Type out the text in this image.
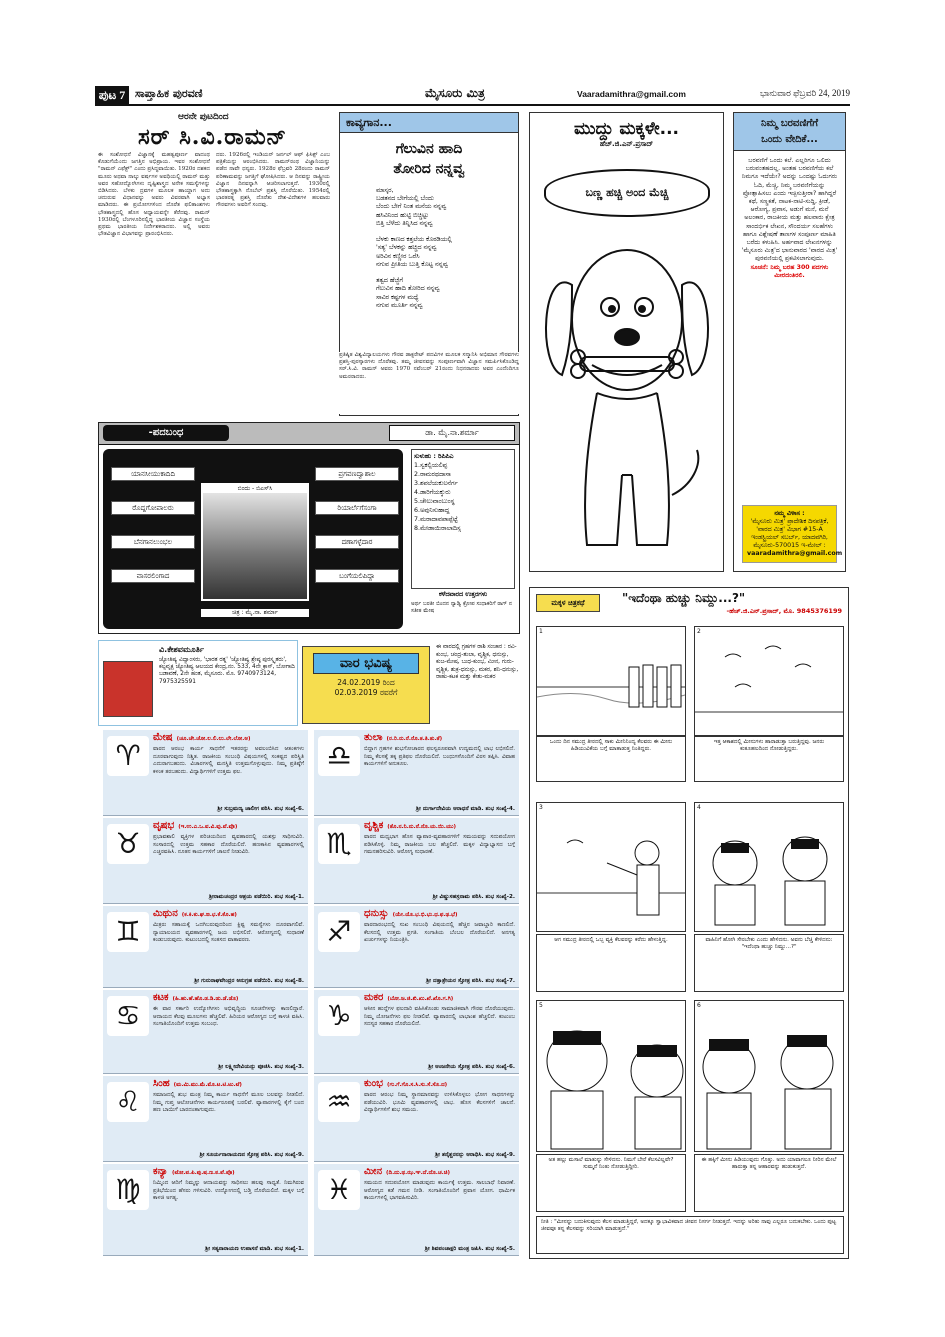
ಪುಟ 7 ಸಾಪ್ತಾಹಿಕ ಪುರವಣಿ	ಮೈಸೂರು ಮಿತ್ರ	Vaaradamithra@gmail.com	ಭಾನುವಾರ ಫೆಬ್ರವರಿ 24, 2019
ಆರನೇ ಪುಟದಿಂದ
ಸರ್ ಸಿ.ವಿ.ರಾಮನ್
ಈ ಸಂಶೋಧನೆ ವಿಜ್ಞಾನಕ್ಕೆ ಮಹತ್ವಪೂರ್ಣ ವಾದಂಥ ಕೊಡುಗೆಯೆಂದು ಜಗತ್ತಿನ ಅಭಿಪ್ರಾಯ. ಇವರ ಸಂಶೋಧನೆ "ರಾಮನ್ ಎಫೆಕ್ಟ್" ಎಂದು ಪ್ರಸಿದ್ಧವಾಯಿತು. 1920ರ ದಶಕದ ಮೂರು ಅಥವಾ ನಾಲ್ಕು ವರ್ಷಗಳ ಅವಧಿಯಲ್ಲಿ ರಾಮನ್ ಮತ್ತು ಅವರ ಸಹೋದ್ಯೋಗಿಗಳು ದೃಷ್ಟಿಶಾಸ್ತ್ರದ ಅನೇಕ ಸಮಸ್ಯೆಗಳನ್ನು ಬಿಡಿಸಿದರು. ಬೆಳಕು ದ್ರವಗಳ ಮೂಲಕ ಹಾಯ್ದಾಗ ಅದು ಚದುರುವ ವಿಧಾನವನ್ನು ಅವರು ವಿವರವಾಗಿ ಅಭ್ಯಾಸ ಮಾಡಿದರು. ಈ ಪ್ರಯೋಗಗಳಿಂದ ದೊರೆತ ಫಲಿತಾಂಶಗಳು ಭೌತಶಾಸ್ತ್ರದಲ್ಲಿ ಹೊಸ ಅಧ್ಯಾಯವನ್ನೇ ತೆರೆದವು. ರಾಮನ್ 1930ರಲ್ಲಿ ಬೆಂಗಳೂರಿನಲ್ಲಿದ್ದ ಭಾರತೀಯ ವಿಜ್ಞಾನ ಸಂಸ್ಥೆಯ ಪ್ರಥಮ ಭಾರತೀಯ ನಿರ್ದೇಶಕರಾದರು. ಅಲ್ಲಿ ಅವರು ಭೌತವಿಜ್ಞಾನ ವಿಭಾಗವನ್ನು ಪ್ರಾರಂಭಿಸಿದರು.
ದರು. 1926ರಲ್ಲಿ ಇಂಡಿಯನ್ ಜರ್ನಲ್ ಆಫ್ ಫಿಸಿಕ್ಸ್ ಎಂಬ ಪತ್ರಿಕೆಯನ್ನು ಆರಂಭಿಸಿದರು. ರಾಮನ್‌ರಂಥ ವಿಜ್ಞಾನಿಯನ್ನು ಪಡೆದ ನಾವೇ ಧನ್ಯರು. 1928ರ ಫೆಬ್ರವರಿ 28ರಂದು ರಾಮನ್ ಪರಿಣಾಮವನ್ನು ಜಗತ್ತಿಗೆ ಘೋಷಿಸಿದರು. ಆ ದಿನವನ್ನು ರಾಷ್ಟ್ರೀಯ ವಿಜ್ಞಾನ ದಿನವನ್ನಾಗಿ ಆಚರಿಸಲಾಗುತ್ತದೆ. 1930ರಲ್ಲಿ ಭೌತಶಾಸ್ತ್ರಕ್ಕಾಗಿ ನೊಬೆಲ್ ಪ್ರಶಸ್ತಿ ದೊರೆಯಿತು. 1954ರಲ್ಲಿ ಭಾರತರತ್ನ ಪ್ರಶಸ್ತಿ ದೊರೆತು ದೇಶ-ವಿದೇಶಗಳ ಹಲವಾರು ಗೌರವಗಳು ಅವರಿಗೆ ಸಂದವು.
ಕಾವ್ಯಗಾನ...
ಗೆಲುವಿನ ಹಾದಿ
ತೋರಿದ ನನ್ನವ್ವ
ಮಾಸ್ಕರ,
ಬಡತನದ ಬೇಗೆಯಲ್ಲಿ ಬೆಂದು
ಬೆಂದು ಬೇಗೆ ನಿಂತ ಮನೆಯ ನನ್ನವ್ವ
ಹಸಿವಿನಿಂದ ಹುಟ್ಟಿ ಬಿಚ್ಚಿಟ್ಟು
ಬಿತ್ತಿ ಬೆಳೆದು ತಿನ್ನಿಸಿದ ನನ್ನವ್ವ

ಬೆಳಕು ಕಾಣದ ಕತ್ತಲೆಯ ಕೊಠಡಿಯಲ್ಲಿ
'ಸತ್ಯ' ಬೆಳಕನ್ನು ಹಚ್ಚಿದ ನನ್ನವ್ವ
ಅರಿವಿನ ಕಣ್ಣೀರ ಒರೆಸಿ
ನಗುವ ಪ್ರೀತಿಯ ಬುತ್ತಿ ಕೊಟ್ಟ ನನ್ನವ್ವ

ತತ್ವದ ಹೆಜ್ಜೆಗೆ
ಗೆಲುವಿನ ಹಾದಿ ತೋರಿದ ನನ್ನವ್ವ
ಸಾವಿರ ಕಷ್ಟಗಳ ಮಧ್ಯೆ
ನಗುವ ಮೂರ್ತಿ ನನ್ನವ್ವ
ಪ್ರತಿಷ್ಠಿತ ವಿಶ್ವವಿದ್ಯಾಲಯಗಳು ಗೌರವ ಡಾಕ್ಟರೇಟ್ ಪದವಿಗಳ ಮೂಲಕ ಸನ್ಮಾನಿಸಿ ಅಭಿಮಾನ ಗೌರವಗಳು ಪ್ರಶಸ್ತಿ-ಪುರಸ್ಕಾರಗಳು ದೊರೆತವು. ತಮ್ಮ ಜೀವನವನ್ನು ಸಂಪೂರ್ಣವಾಗಿ ವಿಜ್ಞಾನ ಸಮರ್ಪಿಸಿಕೊಂಡಿದ್ದ ಸರ್.ಸಿ.ವಿ. ರಾಮನ್ ಅವರು 1970 ನವೆಂಬರ್ 21ರಂದು ನಿಧನರಾದರು ಅವರ ಎಂದೆಂದಿಗೂ ಅಮರರಾದರು.
ಮುದ್ದು ಮಕ್ಕಳೇ...
ಹೆಚ್.ಜಿ.ಎನ್.ಪ್ರಸಾದ್
ಬಣ್ಣ ಹಚ್ಚಿ ಅಂದ ಮೆಚ್ಚಿ
ನಿಮ್ಮ ಬರವಣಿಗೆಗೆ
ಒಂದು ವೇದಿಕೆ...
ಬರವಣಿಗೆ ಒಂದು ಕಲೆ. ಎಲ್ಲರಿಗೂ ಒಲಿದು ಬರುವಂತಹದಲ್ಲ. ಅಂತಹ ಬರವಣಿಗೆಯ ಕಲೆ ನಿಮಗೂ ಇದೆಯೇ? ಅದನ್ನು ಒಂದಷ್ಟು ಓದುಗರು ಓದಿ, ಮೆಚ್ಚಿ, ನಿಮ್ಮ ಬರವಣಿಗೆಯನ್ನು ಪ್ರೋತ್ಸಾಹಿಸಲು ಎಂದು ಇಚ್ಛಿಸುತ್ತೀರಾ? ಹಾಗಿದ್ದರೆ ಕಥೆ, ಸಣ್ಣಕತೆ, ನಾಟಕ-ನಾಟಿ-ಸುದ್ದಿ, ಕ್ರೀಡೆ, ಆರೋಗ್ಯ, ಪ್ರವಾಸ, ಅಡುಗೆ ಮನೆ, ಮನೆ ಅಲಂಕಾರ, ರಾಜಕೀಯ ಮತ್ತು ಹಲವಾರು ಕ್ಷೇತ್ರ ಸಾಂದರ್ಭಿಕ ಲೇಖನ, ಸೌಂದರ್ಯ ಸಲಹೆಗಳು ಹಾಗೂ ವಿಶ್ಲೇಷಣೆ ತಾಣಗಳ ಸಂಪೂರ್ಣ ಮಾಹಿತಿ ಬರೆದು ಕಳುಹಿಸಿ. ಅರ್ಹವಾದ ಲೇಖನಗಳನ್ನು 'ಮೈಸೂರು ಮಿತ್ರ'ದ ಭಾನುವಾರದ 'ವಾರದ ಮಿತ್ರ' ಪುರವಣಿಯಲ್ಲಿ ಪ್ರಕಟಿಸಲಾಗುವುದು.
ಸೂಚನೆ: ನಿಮ್ಮ ಬರಹ 300 ಪದಗಳು ಮೀರದಂತಿರಲಿ.
ನಮ್ಮ ವಿಳಾಸ :
'ಮೈಸೂರು ಮಿತ್ರ' ಪ್ರಾದೇಶಿಕ ದಿನಪತ್ರಿಕೆ, 'ವಾರದ ಮಿತ್ರ' ವಿಭಾಗ #15-A ಇಂಡಸ್ಟ್ರಿಯಲ್ ಸಬರ್ಬ್, ಯಾದವಗಿರಿ, ಮೈಸೂರು-570015 ಇ-ಮೇಲ್ :
vaaradamithra@gmail.com
-ಪದಬಂಧ	ಡಾ. ಮೈ.ನಾ.ಶರ್ಮಾ
ಯಾನಸೀಯುಕಾದಿದಿ
ರೊದ್ದಗೋಪಾಲರು
ಬೆನಗಾನಲುಂಭಲ
ವಾಸರಲಿಂಗಾದ
ಪ್ರಗವಣದ್ವಾಶಾಲ
ರಿಯಾರ್ಲೆಗೆಸಂಗಾ
ದಣಾಗಳ್ಳೆದಾರ
ಬಂಗೆಯಲಿಪಿದ್ದಾ
ಬಿಂದು - ಬಿಎಸ್‌ಸಿ
ಚಿತ್ರ : ಮೈ.ನಾ. ಶರ್ಮಾ
ಸುಳುಹು : ರಿಪಿಪಿಎ
1.ಸ್ವಕಲ್ಪಿಯಲಿಪ್ಪ
2.ರಾಮರಥದಾಸಾ
3.ಶಪಲೆಯಕುಲನೆರ್ಗ
4.ಡಾರಿಗೆಯಕ್ಕುರು
5.ಚೇಲುವಾಂಬುಂಸ್ಥ
6.ಅವುನಿಸುಹಾದ್ದ
7.ಮರಾದಾವಪಾಪ್ಪೆಟ್ಟೆ
8.ಮೇಡಾಯಿರಾಲಾದಿಸ್ಸ
ಕಳೆದವಾರದ ಉತ್ತರಗಳು
ಅರ್ಥ ಬರತೀ ಬಿಂದನ ನ್ಯಾಡ್ವಿ ಕ್ರೋಪ ಸುಧಾಕರಿಗೆ ರಾಗ್ ನ ಸತೀತ ಮೇಷ
ವಿ.ಕೇಶವಮೂರ್ತಿ
ಜ್ಯೋತಿಷ್ಯ ವಿದ್ವಾಂಸರು, 'ಭಾರತ ರತ್ನ' 'ಜ್ಯೋತಿಷ್ಯ ಶ್ರೇಷ್ಠ ಪುರಸ್ಕೃತರು', ಕಲ್ಪವೃಕ್ಷ ಜ್ಯೋತಿಷ್ಯ ಆಲಯದ ಕೇಂದ್ರ,ನಂ. 533, 4ನೇ ಕ್ರಾಸ್, ಬೋಗಾದಿ ಬಡಾವಣೆ, 2ನೇ ಹಂತ, ಮೈಸೂರು. ಮೊ. 9740973124, 7975325591
ವಾರ ಭವಿಷ್ಯ
24.02.2019 ರಿಂದ
02.03.2019 ರವರೆಗೆ
ಈ ವಾರದಲ್ಲಿ ಗ್ರಹಗಳ ರಾಶಿ ಸಂಚಾರ : ರವಿ-ಕುಂಭ, ಚಂದ್ರ-ತುಲಾ, ವೃಶ್ಚಿಕ, ಧನುಸ್ಸು, ಕುಜ-ಮೇಷ, ಬುಧ-ಕುಂಭ, ಮೀನ, ಗುರು-ವೃಶ್ಚಿಕ, ಶುಕ್ರ-ಧನುಸ್ಸು, ಮಕರ, ಶನಿ-ಧನುಸ್ಸು, ರಾಹು-ಕಟಕ ಮತ್ತು ಕೇತು-ಮಕರ
♈
ಮೇಷ (ಚೂ.ಚೇ.ಚೋ.ಲ.ಲಿ.ಲು.ಲೇ.ಲೋ.ಅ)
ವಾರದ ಆರಂಭ ಕಾರ್ಯ ಸಾಧನೆಗೆ ಇತರರನ್ನು ಅವಲಂಬಿಸಿದ ಆತಂಕಗಳು ದೂರವಾಗುವುದು ನಿಶ್ಚಿತ. ರಾಜಕೀಯ ಸಂಬಂಧಿ ವಿಷಯಗಳಲ್ಲಿ ಸಂಕಷ್ಟದ ಪರಿಸ್ಥಿತಿ ಎದುರಾಗಬಹುದು. ವಿಚಾರಗಳಲ್ಲಿ ಮನಸ್ಥಿತಿ ಉತ್ತಮಗೊಳ್ಳುವುದು. ನಿಮ್ಮ ಪ್ರತಿಷ್ಠೆಗೆ ಕಳಂಕ ತರಬಹುದು. ವಿದ್ಯಾರ್ಥಿಗಳಿಗೆ ಉತ್ತಮ ಫಲ.
ಶ್ರೀ ಸುಬ್ರಮಣ್ಯ ಜಾಲೀಗ ಪಠಿಸಿ. ಶುಭ ಸಂಖ್ಯೆ-6.
♉
ವೃಷಭ (ಇ.ಉ.ಎ.ಒ.ವ.ವಿ.ವು.ವೆ.ವೊ)
ಪ್ರಭಾವಶಾಲಿ ವ್ಯಕ್ತಿಗಳ ಪರಿಚಯದಿಂದ ವ್ಯವಹಾರದಲ್ಲಿ ಯಶಸ್ಸು ಸಾಧಿಸುವಿರಿ. ಸಂಸಾರದಲ್ಲಿ ಉತ್ತಮ ಸಹಕಾರ ದೊರೆಯಲಿದೆ. ಹಣಕಾಸಿನ ವ್ಯವಹಾರಗಳಲ್ಲಿ ಎಚ್ಚರವಹಿಸಿ. ನೂತನ ಕಾರ್ಯಗಳಿಗೆ ಚಾಲನೆ ನೀಡುವಿರಿ.
ಶ್ರೀರಾಮಚಂದ್ರರ ಆಶ್ರಯ ಪಡೆಯಿರಿ. ಶುಭ ಸಂಖ್ಯೆ-1.
♊
ಮಿಥುನ (ಕ.ಕಿ.ಕು.ಘ.ಙ.ಛ.ಕೆ.ಕೊ.ಹ)
ಮಿತ್ರರು ಸಹಾಯಕ್ಕೆ ಒದಗಿಬರುವುದರಿಂದ ಕ್ಲಿಷ್ಟ ಸಮಸ್ಯೆಗಳು ದೂರವಾಗಲಿವೆ. ನ್ಯಾಯಾಲಯದ ವ್ಯವಹಾರಗಳಲ್ಲಿ ಜಯ ಲಭಿಸಲಿದೆ. ಆರೋಗ್ಯದಲ್ಲಿ ಸುಧಾರಣೆ ಕಂಡುಬರುವುದು. ಕುಟುಂಬದಲ್ಲಿ ಸಂತಸದ ವಾತಾವರಣ.
ಶ್ರೀ ಗುರುರಾಘವೇಂದ್ರರ ಅನುಗ್ರಹ ಪಡೆಯಿರಿ. ಶುಭ ಸಂಖ್ಯೆ-8.
♋
ಕಟಕ (ಹಿ.ಹು.ಹೆ.ಹೊ.ಡ.ಡಿ.ಡು.ಡೆ.ಡೊ)
ಈ ವಾರ ಸರ್ಕಾರಿ ಉದ್ಯೋಗಿಗಳು ಅಭಿವೃದ್ಧಿಯ ಸೂಚನೆಗಳನ್ನು ಕಾಣಲಿದ್ದಾರೆ. ಆದಾಯದ ಕೆಲವು ಮೂಲಗಳು ಹೆಚ್ಚಲಿವೆ. ಹಿರಿಯರ ಆರೋಗ್ಯದ ಬಗ್ಗೆ ಕಾಳಜಿ ವಹಿಸಿ. ಸಂಗಾತಿಯೊಂದಿಗೆ ಉತ್ತಮ ಸಂಬಂಧ.
ಶ್ರೀ ಲಕ್ಷ್ಮೀದೇವಿಯನ್ನು ಪೂಜಿಸಿ. ಶುಭ ಸಂಖ್ಯೆ-3.
♌
ಸಿಂಹ (ಮ.ಮಿ.ಮು.ಮೆ.ಮೊ.ಟ.ಟಿ.ಟು.ಟೆ)
ಸಮಾಜದಲ್ಲಿ ಶುಭ ಮಂತ್ರ ನಿಮ್ಮ ಕಾರ್ಯ ಸಾಧನೆಗೆ ಮೂಲ ಬಲವನ್ನು ನೀಡಲಿದೆ. ನಿಮ್ಮ ಗುಪ್ತ ಆಲೋಚನೆಗಳು ಕಾರ್ಯರೂಪಕ್ಕೆ ಬರಲಿವೆ. ವ್ಯಾಪಾರಗಳಲ್ಲಿ ಕೈಗೆ ಬಂದ ಹಣ ಬಾಯಿಗೆ ಬಾರದಂತಾಗುವುದು.
ಶ್ರೀ ಸೂರ್ಯನಾರಾಯಣನ ಸ್ತೋತ್ರ ಪಠಿಸಿ. ಶುಭ ಸಂಖ್ಯೆ-9.
♍
ಕನ್ಯಾ (ಟೋ.ಪ.ಪಿ.ಪು.ಷ.ಣ.ಠ.ಪೆ.ಪೊ)
ನಿಮ್ಮಿಂದ ಆದಿಗೆ ನಿಮ್ಮನ್ನು ಆದಾಯವನ್ನು ಸಾಧಿಸಲು ಹಲವು ಸಾಧ್ಯತೆ. ನಿಮಗಿರುವ ಪ್ರತಿಭೆಯಿಂದ ಹೆಸರು ಗಳಿಸುವಿರಿ. ಉದ್ಯೋಗದಲ್ಲಿ ಬಡ್ತಿ ದೊರೆಯಲಿದೆ. ಮಕ್ಕಳ ಬಗ್ಗೆ ಕಾಳಜಿ ಅಗತ್ಯ.
ಶ್ರೀ ಸತ್ಯನಾರಾಯಣ ಉಪಾಸನೆ ಮಾಡಿ. ಶುಭ ಸಂಖ್ಯೆ-1.
♎
ತುಲಾ (ರ.ರಿ.ರು.ರೆ.ರೊ.ತ.ತಿ.ತು.ತೆ)
ಬಿದ್ದಾಗ ಗ್ರಹಗಳ ಶುಭಗೋಚಾರದ ಫಲಸ್ವರೂಪವಾಗಿ ಉದ್ಯಮದಲ್ಲಿ ಲಾಭ ಲಭಿಸಲಿದೆ. ನಿಮ್ಮ ಕೆಲಸಕ್ಕೆ ತಕ್ಕ ಪ್ರತಿಫಲ ದೊರೆಯಲಿದೆ. ಬಂಧುಗಳೊಂದಿಗೆ ವಿರಸ ತಪ್ಪಿಸಿ. ವಿವಾಹ ಕಾರ್ಯಗಳಿಗೆ ಅನುಕೂಲ.
ಶ್ರೀ ದುರ್ಗಾದೇವಿಯ ಆರಾಧನೆ ಮಾಡಿ. ಶುಭ ಸಂಖ್ಯೆ-4.
♏
ವೃಶ್ಚಿಕ (ತೊ.ನ.ನಿ.ನು.ನೆ.ನೊ.ಯ.ಯಿ.ಯು)
ವಾರದ ಮಧ್ಯಭಾಗ ಹೊಸ ವ್ಯಾಪಾರ-ವ್ಯವಹಾರಗಳಿಗೆ ಸಮಯವನ್ನು ಸದುಪಯೋಗ ಪಡಿಸಿಕೊಳ್ಳಿ. ನಿಮ್ಮ ರಾಜಕೀಯ ಬಲ ಹೆಚ್ಚಲಿದೆ. ಮಕ್ಕಳ ವಿದ್ಯಾಭ್ಯಾಸದ ಬಗ್ಗೆ ಗಮನಹರಿಸುವಿರಿ. ಆರೋಗ್ಯ ಸುಧಾರಣೆ.
ಶ್ರೀ ವಿಷ್ಣುಸಹಸ್ರನಾಮ ಪಠಿಸಿ. ಶುಭ ಸಂಖ್ಯೆ-2.
♐
ಧನುಸ್ಸು (ಯೇ.ಯೊ.ಭ.ಭಿ.ಭು.ಧ.ಫ.ಢ.ಭೆ)
ವಾರದಾರಂಭದಲ್ಲಿ ಸುಖ ಸಂಬಂಧಿ ವಿಷಯದಲ್ಲಿ ಹೆಚ್ಚಿನ ಜವಾಬ್ದಾರಿ ಕಾಣಲಿದೆ. ಕೆಲಸದಲ್ಲಿ ಉತ್ತಮ ಪ್ರಗತಿ. ಸಂಗಾತಿಯ ಬೆಂಬಲ ದೊರೆಯಲಿದೆ. ಅನಗತ್ಯ ಖರ್ಚುಗಳನ್ನು ನಿಯಂತ್ರಿಸಿ.
ಶ್ರೀ ದತ್ತಾತ್ರೇಯರ ಸ್ತೋತ್ರ ಪಠಿಸಿ. ಶುಭ ಸಂಖ್ಯೆ-7.
♑
ಮಕರ (ಬೋ.ಜ.ಜಿ.ಖಿ.ಖು.ಖೆ.ಖೊ.ಗ.ಗಿ)
ಆಸೀನ ಹುದ್ದೆಗಳ ಫಲದಾರಿ ವಹಿಸಿಕೊಂಡು ಸಾಮಾಜಿಕವಾಗಿ ಗೌರವ ದೊರೆಯುವುದು. ನಿಮ್ಮ ಯೋಜನೆಗಳು ಫಲ ನೀಡಲಿವೆ. ವ್ಯಾಪಾರದಲ್ಲಿ ಲಾಭಾಂಶ ಹೆಚ್ಚಲಿದೆ. ಕುಟುಂಬ ಸದಸ್ಯರ ಸಹಕಾರ ದೊರೆಯಲಿದೆ.
ಶ್ರೀ ಆಂಜನೇಯ ಸ್ತೋತ್ರ ಪಠಿಸಿ. ಶುಭ ಸಂಖ್ಯೆ-6.
♒
ಕುಂಭ (ಗು.ಗೆ.ಗೊ.ಸ.ಸಿ.ಸು.ಸೆ.ಸೊ.ದ)
ವಾರದ ಆರಂಭ ನಿಮ್ಮ ಸ್ಥಾನಮಾನವನ್ನು ಉಳಿಸಿಕೊಳ್ಳಲು ಭೋಗ ಸಾಧನಗಳನ್ನು ಪಡೆಯುವಿರಿ. ಭೂಮಿ ವ್ಯವಹಾರಗಳಲ್ಲಿ ಲಾಭ. ಹೊಸ ಕೆಲಸಗಳಿಗೆ ಚಾಲನೆ. ವಿದ್ಯಾರ್ಥಿಗಳಿಗೆ ಶುಭ ಸಮಯ.
ಶ್ರೀ ಶನೈಶ್ಚರನನ್ನು ಆರಾಧಿಸಿ. ಶುಭ ಸಂಖ್ಯೆ-9.
♓
ಮೀನ (ದಿ.ದು.ಥ.ಝ.ಞ.ದೆ.ದೊ.ಚ.ಚಿ)
ಸಮಯದ ಸದುಪಯೋಗ ಮಾಡುವುದು ಕಾರ್ಯಕ್ಕೆ ಉತ್ತಮ. ಸಾಲಬಾಧೆ ನಿವಾರಣೆ. ಆರೋಗ್ಯದ ಕಡೆ ಗಮನ ನೀಡಿ. ಸಂಗಾತಿಯೊಂದಿಗೆ ಪ್ರವಾಸ ಯೋಗ. ಧಾರ್ಮಿಕ ಕಾರ್ಯಗಳಲ್ಲಿ ಭಾಗವಹಿಸುವಿರಿ.
ಶ್ರೀ ಶಿವಪಂಚಾಕ್ಷರಿ ಮಂತ್ರ ಜಪಿಸಿ. ಶುಭ ಸಂಖ್ಯೆ-5.
ಮಕ್ಕಳ ಚಿತ್ರಕಥೆ	"ಇದೆಂಥಾ ಹುಚ್ಚು ನಿಮ್ದು...?"
-ಹೆಚ್.ಜಿ.ಎನ್.ಪ್ರಸಾದ್, ಮೊ. 9845376199
1	2
ಒಂದು ದಿನ ಸಮುದ್ರ ತೀರದಲ್ಲಿ ಸಾಕು ಮೀನಿನಿಂದ್ಯ ಕೆಲವರು ಈ ಮೀನು ಹಿಡಿಯುವಿಕೆಯ ಬಗ್ಗೆ ಮಾತಾಡುತ್ತ ನಿಂತಿದ್ದರು.
ಇತ್ತ ಆಕಾಶದಲ್ಲಿ ಮೀನುಗಳು ಹಾರಾಡುತ್ತಾ ಬರುತ್ತಿದ್ದವು. ಜನರು ಕುತೂಹಲದಿಂದ ನೋಡುತ್ತಿದ್ದರು.
3	4
ಆಗ ಸಮುದ್ರ ತೀರದಲ್ಲಿ ಒಬ್ಬ ವ್ಯಕ್ತಿ ಕೆಲವರನ್ನು ಕರೆದು ಹೇಳುತ್ತಿದ್ದ.	ವಾಹಿನಿಗೆ ಹೋಗಿ ಸೇರಬೇಕು ಎಂದು ಹೇಳಿದನು. ಅವನು ಬೆಚ್ಚಿ ಕೇಳಿದನು: "ಇದೆಂಥಾ ಹುಚ್ಚು ನಿಮ್ದು...?"
5	6
ಅತ ಹಲ್ಲು ಮಸಾಲೆ ಮಾತುನ್ನು ಸೇಳಿದನು. ನಿಮಗೆ ಬೇರೆ ಕೆಲಸವಿಲ್ಲವೇ? ಸುಮ್ಮನೆ ನಿಂತು ನೋಡುತ್ತಿದ್ದೀರಿ.
ಈ ಹಕ್ಕಿಗೆ ಮೀನು ಹಿಡಿಯುವುದು ಗೊತ್ತು. ಅದು ಯಾವಾಗಲೂ ನೀರಿನ ಮೇಲೆ ಹಾರುತ್ತಾ ತನ್ನ ಆಹಾರವನ್ನು ಹುಡುಕುತ್ತದೆ.
ನೀತಿ : "ಮೀನನ್ನು ಬದುಕಿಸುವುದು ಕೆಲಸ ಮಾಡುತ್ತಿದ್ದರೆ, ಅದಕ್ಕೂ ಸ್ವಾಭಾವಿಕವಾದ ಜೀವನ ನಿಸರ್ಗ ನೀಡುತ್ತದೆ. ಇದನ್ನು ಅರಿತು ನಾವು ಎಲ್ಲರೂ ಬದುಕಬೇಕು. ಒಂದು ಪುಟ್ಟ ಜೀವವೂ ತನ್ನ ಕೆಲಸವನ್ನು ಸರಿಯಾಗಿ ಮಾಡುತ್ತದೆ."
